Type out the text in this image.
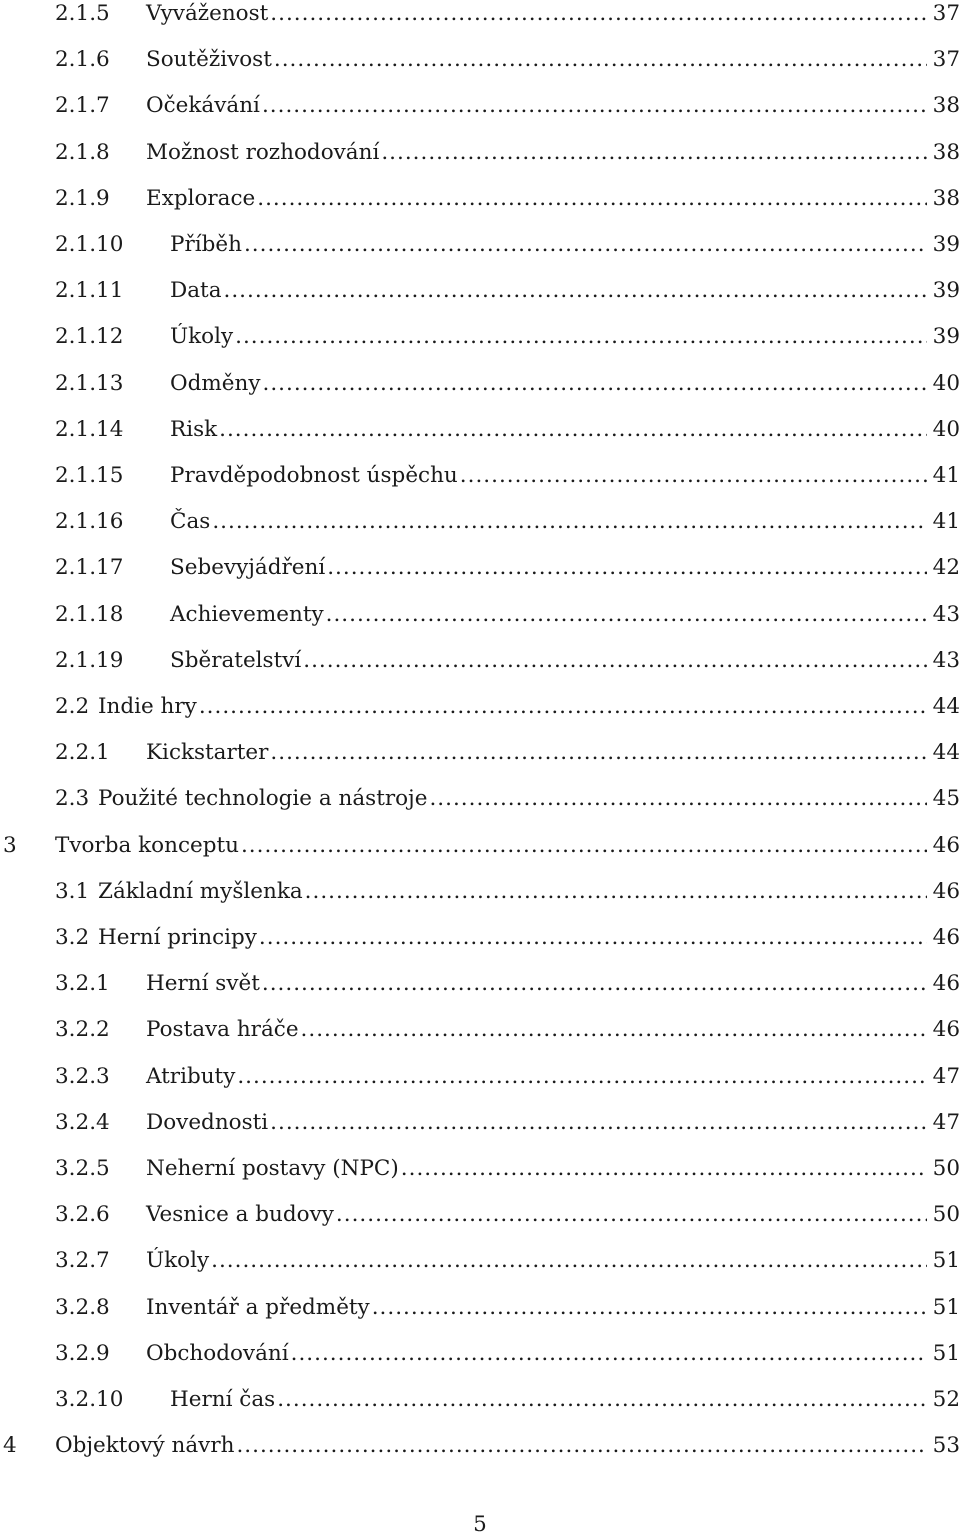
2.1.5 Vyváženost .....	37
2.1.6 Soutěživost .....	37
2.1.7 Očekávání .....	38
2.1.8 Možnost rozhodování .....	38
2.1.9 Explorace .....	38
2.1.10 Příběh .....	39
2.1.11 Data .....	39
2.1.12 Úkoly .....	39
2.1.13 Odměny .....	40
2.1.14 Risk .....	40
2.1.15 Pravděpodobnost úspěchu .....	41
2.1.16 Čas .....	41
2.1.17 Sebevyjádření .....	42
2.1.18 Achievementy .....	43
2.1.19 Sběratelství .....	43
2.2 Indie hry .....	44
2.2.1 Kickstarter .....	44
2.3 Použité technologie a nástroje .....	45
3 Tvorba konceptu .....	46
3.1 Základní myšlenka .....	46
3.2 Herní principy .....	46
3.2.1 Herní svět .....	46
3.2.2 Postava hráče .....	46
3.2.3 Atributy .....	47
3.2.4 Dovednosti .....	47
3.2.5 Neherní postavy (NPC) .....	50
3.2.6 Vesnice a budovy .....	50
3.2.7 Úkoly .....	51
3.2.8 Inventář a předměty .....	51
3.2.9 Obchodování .....	51
3.2.10 Herní čas .....	52
4 Objektový návrh .....	53
5
